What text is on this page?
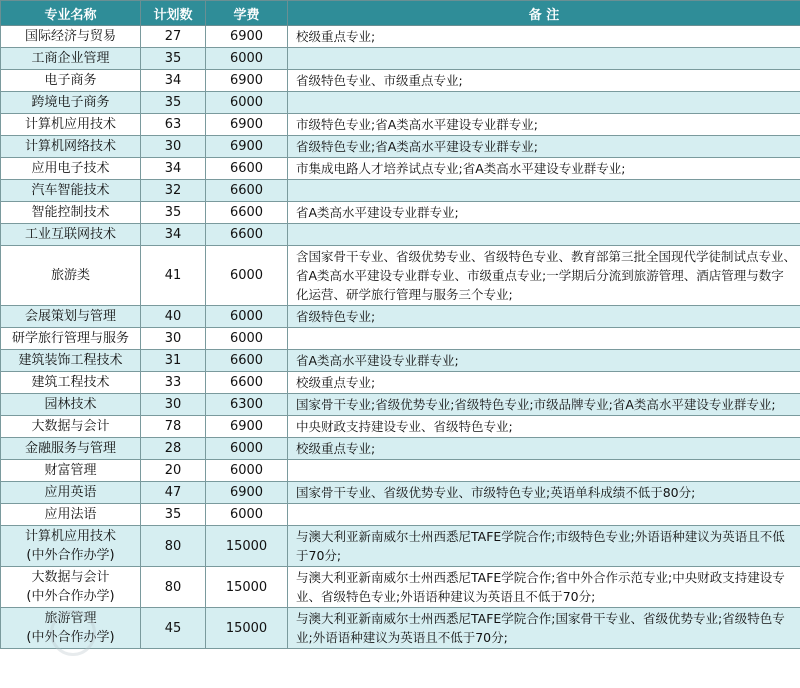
专业名称	计划数	学费	备 注
国际经济与贸易	27	6900	校级重点专业;
工商企业管理	35	6000	
电子商务	34	6900	省级特色专业、市级重点专业;
跨境电子商务	35	6000	
计算机应用技术	63	6900	市级特色专业;省A类高水平建设专业群专业;
计算机网络技术	30	6900	省级特色专业;省A类高水平建设专业群专业;
应用电子技术	34	6600	市集成电路人才培养试点专业;省A类高水平建设专业群专业;
汽车智能技术	32	6600	
智能控制技术	35	6600	省A类高水平建设专业群专业;
工业互联网技术	34	6600	
旅游类	41	6000	含国家骨干专业、省级优势专业、省级特色专业、教育部第三批全国现代学徒制试点专业、省A类高水平建设专业群专业、市级重点专业;一学期后分流到旅游管理、酒店管理与数字化运营、研学旅行管理与服务三个专业;
会展策划与管理	40	6000	省级特色专业;
研学旅行管理与服务	30	6000	
建筑装饰工程技术	31	6600	省A类高水平建设专业群专业;
建筑工程技术	33	6600	校级重点专业;
园林技术	30	6300	国家骨干专业;省级优势专业;省级特色专业;市级品牌专业;省A类高水平建设专业群专业;
大数据与会计	78	6900	中央财政支持建设专业、省级特色专业;
金融服务与管理	28	6000	校级重点专业;
财富管理	20	6000	
应用英语	47	6900	国家骨干专业、省级优势专业、市级特色专业;英语单科成绩不低于80分;
应用法语	35	6000	
计算机应用技术
(中外合作办学)	80	15000	与澳大利亚新南威尔士州西悉尼TAFE学院合作;市级特色专业;外语语种建议为英语且不低于70分;
大数据与会计
(中外合作办学)	80	15000	与澳大利亚新南威尔士州西悉尼TAFE学院合作;省中外合作示范专业;中央财政支持建设专业、省级特色专业;外语语种建议为英语且不低于70分;
旅游管理
(中外合作办学)	45	15000	与澳大利亚新南威尔士州西悉尼TAFE学院合作;国家骨干专业、省级优势专业;省级特色专业;外语语种建议为英语且不低于70分;
